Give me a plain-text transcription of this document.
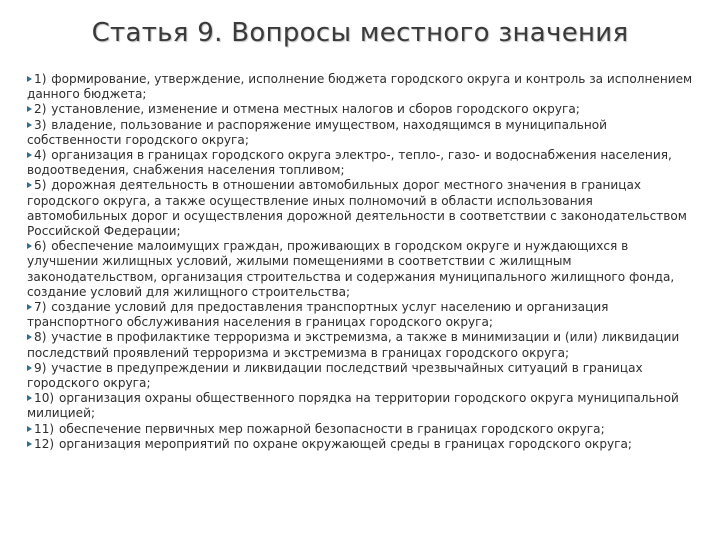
Статья 9. Вопросы местного значения
1) формирование, утверждение, исполнение бюджета городского округа и контроль за исполнением данного бюджета;
2) установление, изменение и отмена местных налогов и сборов городского округа;
3) владение, пользование и распоряжение имуществом, находящимся в муниципальной собственности городского округа;
4) организация в границах городского округа электро-, тепло-, газо- и водоснабжения населения, водоотведения, снабжения населения топливом;
5) дорожная деятельность в отношении автомобильных дорог местного значения в границах городского округа, а также осуществление иных полномочий в области использования автомобильных дорог и осуществления дорожной деятельности в соответствии с законодательством Российской Федерации;
6) обеспечение малоимущих граждан, проживающих в городском округе и нуждающихся в улучшении жилищных условий, жилыми помещениями в соответствии с жилищным законодательством, организация строительства и содержания муниципального жилищного фонда, создание условий для жилищного строительства;
7) создание условий для предоставления транспортных услуг населению и организация транспортного обслуживания населения в границах городского округа;
8) участие в профилактике терроризма и экстремизма, а также в минимизации и (или) ликвидации последствий проявлений терроризма и экстремизма в границах городского округа;
9) участие в предупреждении и ликвидации последствий чрезвычайных ситуаций в границах городского округа;
10) организация охраны общественного порядка на территории городского округа муниципальной милицией;
11) обеспечение первичных мер пожарной безопасности в границах городского округа;
12) организация мероприятий по охране окружающей среды в границах городского округа;
